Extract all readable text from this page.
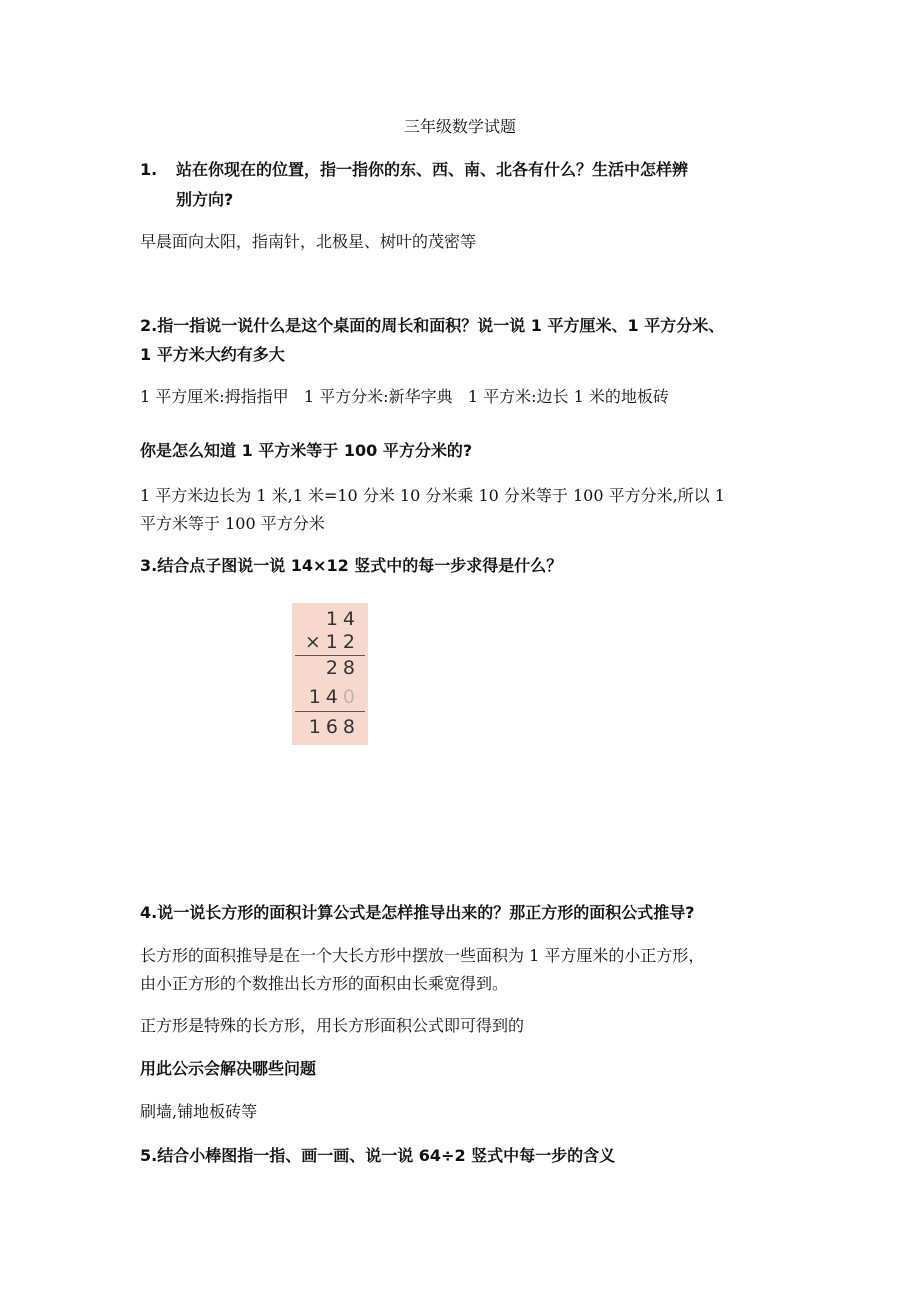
三年级数学试题
1. 站在你现在的位置，指一指你的东、西、南、北各有什么？生活中怎样辨
别方向?
早晨面向太阳，指南针，北极星、树叶的茂密等
2.指一指说一说什么是这个桌面的周长和面积？说一说 1 平方厘米、1 平方分米、
1 平方米大约有多大
1 平方厘米:拇指指甲   1 平方分米:新华字典   1 平方米:边长 1 米的地板砖
你是怎么知道 1 平方米等于 100 平方分米的?
1 平方米边长为 1 米,1 米=10 分米 10 分米乘 10 分米等于 100 平方分米,所以 1
平方米等于 100 平方分米
3.结合点子图说一说 14×12 竖式中的每一步求得是什么？
14
×12
28
140
168
4.说一说长方形的面积计算公式是怎样推导出来的？那正方形的面积公式推导?
长方形的面积推导是在一个大长方形中摆放一些面积为 1 平方厘米的小正方形，
由小正方形的个数推出长方形的面积由长乘宽得到。
正方形是特殊的长方形，用长方形面积公式即可得到的
用此公示会解决哪些问题
刷墙,铺地板砖等
5.结合小棒图指一指、画一画、说一说 64÷2 竖式中每一步的含义
